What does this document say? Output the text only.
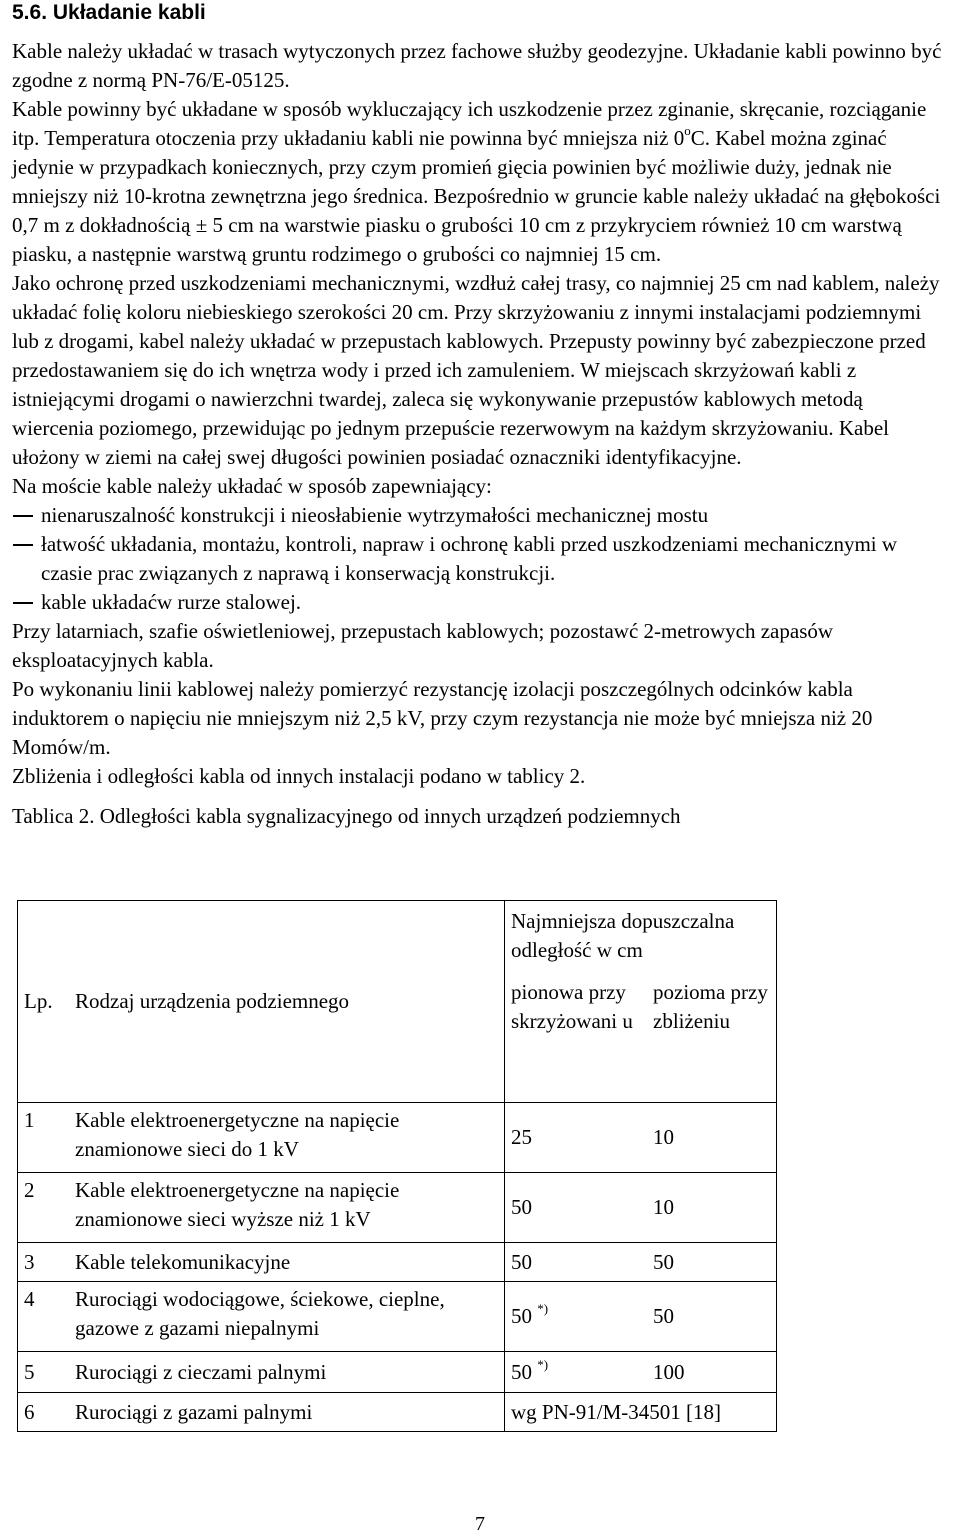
5.6. Układanie kabli

Kable należy układać w trasach wytyczonych przez fachowe służby geodezyjne. Układanie kabli powinno być zgodne z normą PN-76/E-05125.

Kable powinny być układane w sposób wykluczający ich uszkodzenie przez zginanie, skręcanie, rozciąganie itp. Temperatura otoczenia przy układaniu kabli nie powinna być mniejsza niż 0$^o$C. Kabel można zginać jedynie w przypadkach koniecznych, przy czym promień gięcia powinien być możliwie duży, jednak nie mniejszy niż 10-krotna zewnętrzna jego średnica. Bezpośrednio w gruncie kable należy układać na głębokości 0,7 m z dokładnością ± 5 cm na warstwie piasku o grubości 10 cm z przykryciem również 10 cm warstwą piasku, a następnie warstwą gruntu rodzimego o grubości co najmniej 15 cm.

Jako ochronę przed uszkodzeniami mechanicznymi, wzdłuż całej trasy, co najmniej 25 cm nad kablem, należy układać folię koloru niebieskiego szerokości 20 cm. Przy skrzyżowaniu z innymi instalacjami podziemnymi lub z drogami, kabel należy układać w przepustach kablowych. Przepusty powinny być zabezpieczone przed przedostawaniem się do ich wnętrza wody i przed ich zamuleniem. W miejscach skrzyżowań kabli z istniejącymi drogami o nawierzchni twardej, zaleca się wykonywanie przepustów kablowych metodą wiercenia poziomego, przewidując po jednym przepuście rezerwowym na każdym skrzyżowaniu. Kabel ułożony w ziemi na całej swej długości powinien posiadać oznaczniki identyfikacyjne.

Na moście kable należy układać w sposób zapewniający:

nienaruszalność konstrukcji i nieosłabienie wytrzymałości mechanicznej mostu
łatwość układania, montażu, kontroli, napraw i ochronę kabli przed uszkodzeniami mechanicznymi w czasie prac związanych z naprawą i konserwacją konstrukcji.
kable układaćw rurze stalowej.

Przy latarniach, szafie oświetleniowej, przepustach kablowych; pozostawć 2-metrowych zapasów eksploatacyjnych kabla.

Po wykonaniu linii kablowej należy pomierzyć rezystancję izolacji poszczególnych odcinków kabla induktorem o napięciu nie mniejszym niż 2,5 kV, przy czym rezystancja nie może być mniejsza niż 20 Momów/m.

Zbliżenia i odległości kabla od innych instalacji podano w tablicy 2.

Tablica 2. Odległości kabla sygnalizacyjnego od innych urządzeń podziemnych

Lp.	Rodzaj urządzenia podziemnego	Najmniejsza dopuszczalna odległość w cm	
		pionowa przy skrzyżowani u	pozioma przy zbliżeniu
1	Kable elektroenergetyczne na napięcie znamionowe sieci do 1 kV	25	10
2	Kable elektroenergetyczne na napięcie znamionowe sieci wyższe niż 1 kV	50	10
3	Kable telekomunikacyjne	50	50
4	Rurociągi wodociągowe, ściekowe, cieplne, gazowe z gazami niepalnymi	50 *)	50
5	Rurociągi z cieczami palnymi	50 *)	100
6	Rurociągi z gazami palnymi	wg PN-91/M-34501 [18]	
7
